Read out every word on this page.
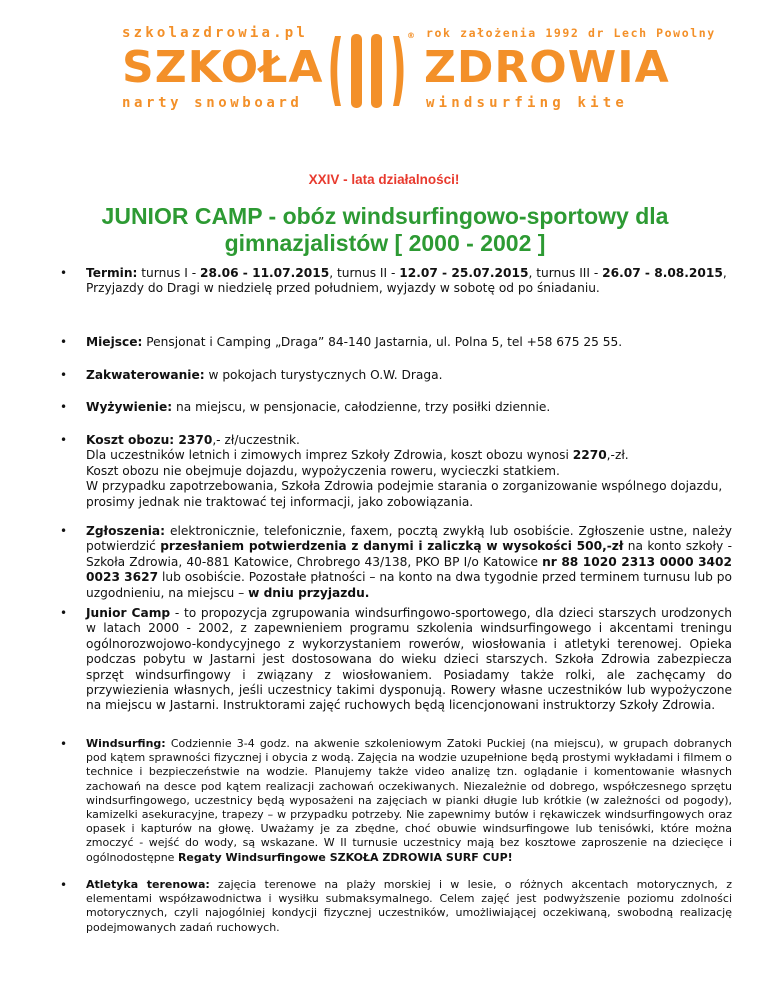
szkolazdrowia.pl
SZKOŁA
narty snowboard
® rok założenia 1992 dr Lech Powolny
ZDROWIA
windsurfing kite
XXIV - lata działalności!
JUNIOR CAMP - obóz windsurfingowo-sportowy dla gimnazjalistów [ 2000 - 2002 ]
• Termin: turnus I - 28.06 - 11.07.2015, turnus II - 12.07 - 25.07.2015, turnus III - 26.07 - 8.08.2015,

Przyjazdy do Dragi w niedzielę przed południem, wyjazdy w sobotę od po śniadaniu.

• Miejsce: Pensjonat i Camping „Draga” 84-140 Jastarnia, ul. Polna 5, tel +58 675 25 55.

• Zakwaterowanie: w pokojach turystycznych O.W. Draga.

• Wyżywienie: na miejscu, w pensjonacie, całodzienne, trzy posiłki dziennie.

• Koszt obozu: 2370,- zł/uczestnik.

Dla uczestników letnich i zimowych imprez Szkoły Zdrowia, koszt obozu wynosi 2270,-zł.

Koszt obozu nie obejmuje dojazdu, wypożyczenia roweru, wycieczki statkiem.

W przypadku zapotrzebowania, Szkoła Zdrowia podejmie starania o zorganizowanie wspólnego dojazdu, prosimy jednak nie traktować tej informacji, jako zobowiązania.

• Zgłoszenia: elektronicznie, telefonicznie, faxem, pocztą zwykłą lub osobiście. Zgłoszenie ustne, należy potwierdzić przesłaniem potwierdzenia z danymi i zaliczką w wysokości 500,-zł na konto szkoły - Szkoła Zdrowia, 40-881 Katowice, Chrobrego 43/138, PKO BP I/o Katowice nr 88 1020 2313 0000 3402 0023 3627 lub osobiście. Pozostałe płatności – na konto na dwa tygodnie przed terminem turnusu lub po uzgodnieniu, na miejscu – w dniu przyjazdu.

• Junior Camp - to propozycja zgrupowania windsurfingowo-sportowego, dla dzieci starszych urodzonych w latach 2000 - 2002, z zapewnieniem programu szkolenia windsurfingowego i akcentami treningu ogólnorozwojowo-kondycyjnego z wykorzystaniem rowerów, wiosłowania i atletyki terenowej. Opieka podczas pobytu w Jastarni jest dostosowana do wieku dzieci starszych. Szkoła Zdrowia zabezpiecza sprzęt windsurfingowy i związany z wiosłowaniem. Posiadamy także rolki, ale zachęcamy do przywiezienia własnych, jeśli uczestnicy takimi dysponują. Rowery własne uczestników lub wypożyczone na miejscu w Jastarni. Instruktorami zajęć ruchowych będą licencjonowani instruktorzy Szkoły Zdrowia.

• Windsurfing: Codziennie 3-4 godz. na akwenie szkoleniowym Zatoki Puckiej (na miejscu), w grupach dobranych pod kątem sprawności fizycznej i obycia z wodą. Zajęcia na wodzie uzupełnione będą prostymi wykładami i filmem o technice i bezpieczeństwie na wodzie. Planujemy także video analizę tzn. oglądanie i komentowanie własnych zachowań na desce pod kątem realizacji zachowań oczekiwanych. Niezależnie od dobrego, współczesnego sprzętu windsurfingowego, uczestnicy będą wyposażeni na zajęciach w pianki długie lub krótkie (w zależności od pogody), kamizelki asekuracyjne, trapezy – w przypadku potrzeby. Nie zapewnimy butów i rękawiczek windsurfingowych oraz opasek i kapturów na głowę. Uważamy je za zbędne, choć obuwie windsurfingowe lub tenisówki, które można zmoczyć - wejść do wody, są wskazane. W II turnusie uczestnicy mają bez kosztowe zaproszenie na dziecięce i ogólnodostępne Regaty Windsurfingowe SZKOŁA ZDROWIA SURF CUP!

• Atletyka terenowa: zajęcia terenowe na plaży morskiej i w lesie, o różnych akcentach motorycznych, z elementami współzawodnictwa i wysiłku submaksymalnego. Celem zajęć jest podwyższenie poziomu zdolności motorycznych, czyli najogólniej kondycji fizycznej uczestników, umożliwiającej oczekiwaną, swobodną realizację podejmowanych zadań ruchowych.
